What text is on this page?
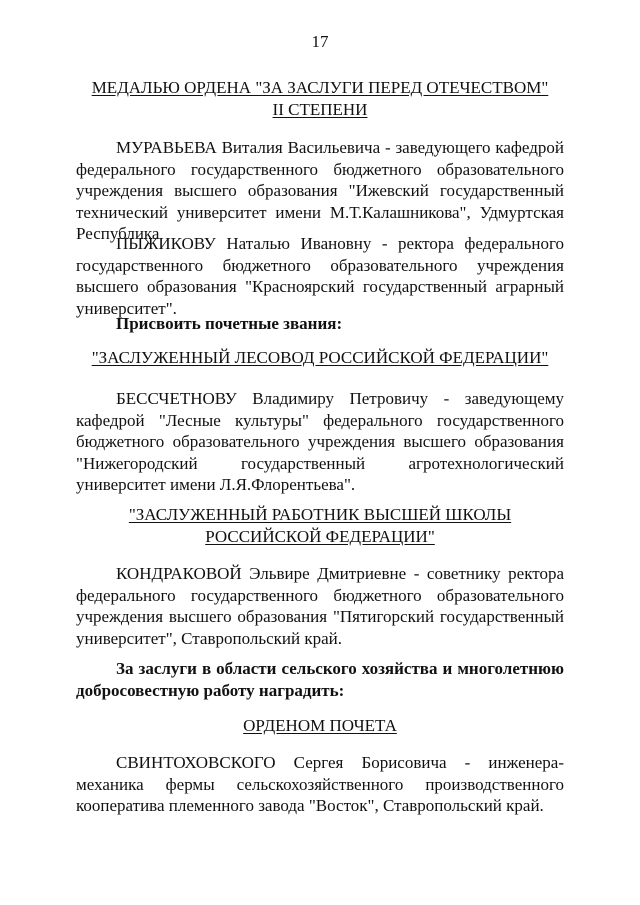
17
МЕДАЛЬЮ ОРДЕНА "ЗА ЗАСЛУГИ ПЕРЕД ОТЕЧЕСТВОМ"
II СТЕПЕНИ

МУРАВЬЕВА Виталия Васильевича - заведующего кафедрой федерального государственного бюджетного образовательного учреждения высшего образования "Ижевский государственный технический университет имени М.Т.Калашникова", Удмуртская Республика

ПЫЖИКОВУ Наталью Ивановну - ректора федерального государственного бюджетного образовательного учреждения высшего образования "Красноярский государственный аграрный университет".

Присвоить почетные звания:

"ЗАСЛУЖЕННЫЙ ЛЕСОВОД РОССИЙСКОЙ ФЕДЕРАЦИИ"

БЕССЧЕТНОВУ Владимиру Петровичу - заведующему кафедрой "Лесные культуры" федерального государственного бюджетного образовательного учреждения высшего образования "Нижегородский государственный агротехнологический университет имени Л.Я.Флорентьева".

"ЗАСЛУЖЕННЫЙ РАБОТНИК ВЫСШЕЙ ШКОЛЫ
РОССИЙСКОЙ ФЕДЕРАЦИИ"

КОНДРАКОВОЙ Эльвире Дмитриевне - советнику ректора федерального государственного бюджетного образовательного учреждения высшего образования "Пятигорский государственный университет", Ставропольский край.

За заслуги в области сельского хозяйства и многолетнюю добросовестную работу наградить:

ОРДЕНОМ ПОЧЕТА

СВИНТОХОВСКОГО Сергея Борисовича - инженера-механика фермы сельскохозяйственного производственного кооператива племенного завода "Восток", Ставропольский край.
